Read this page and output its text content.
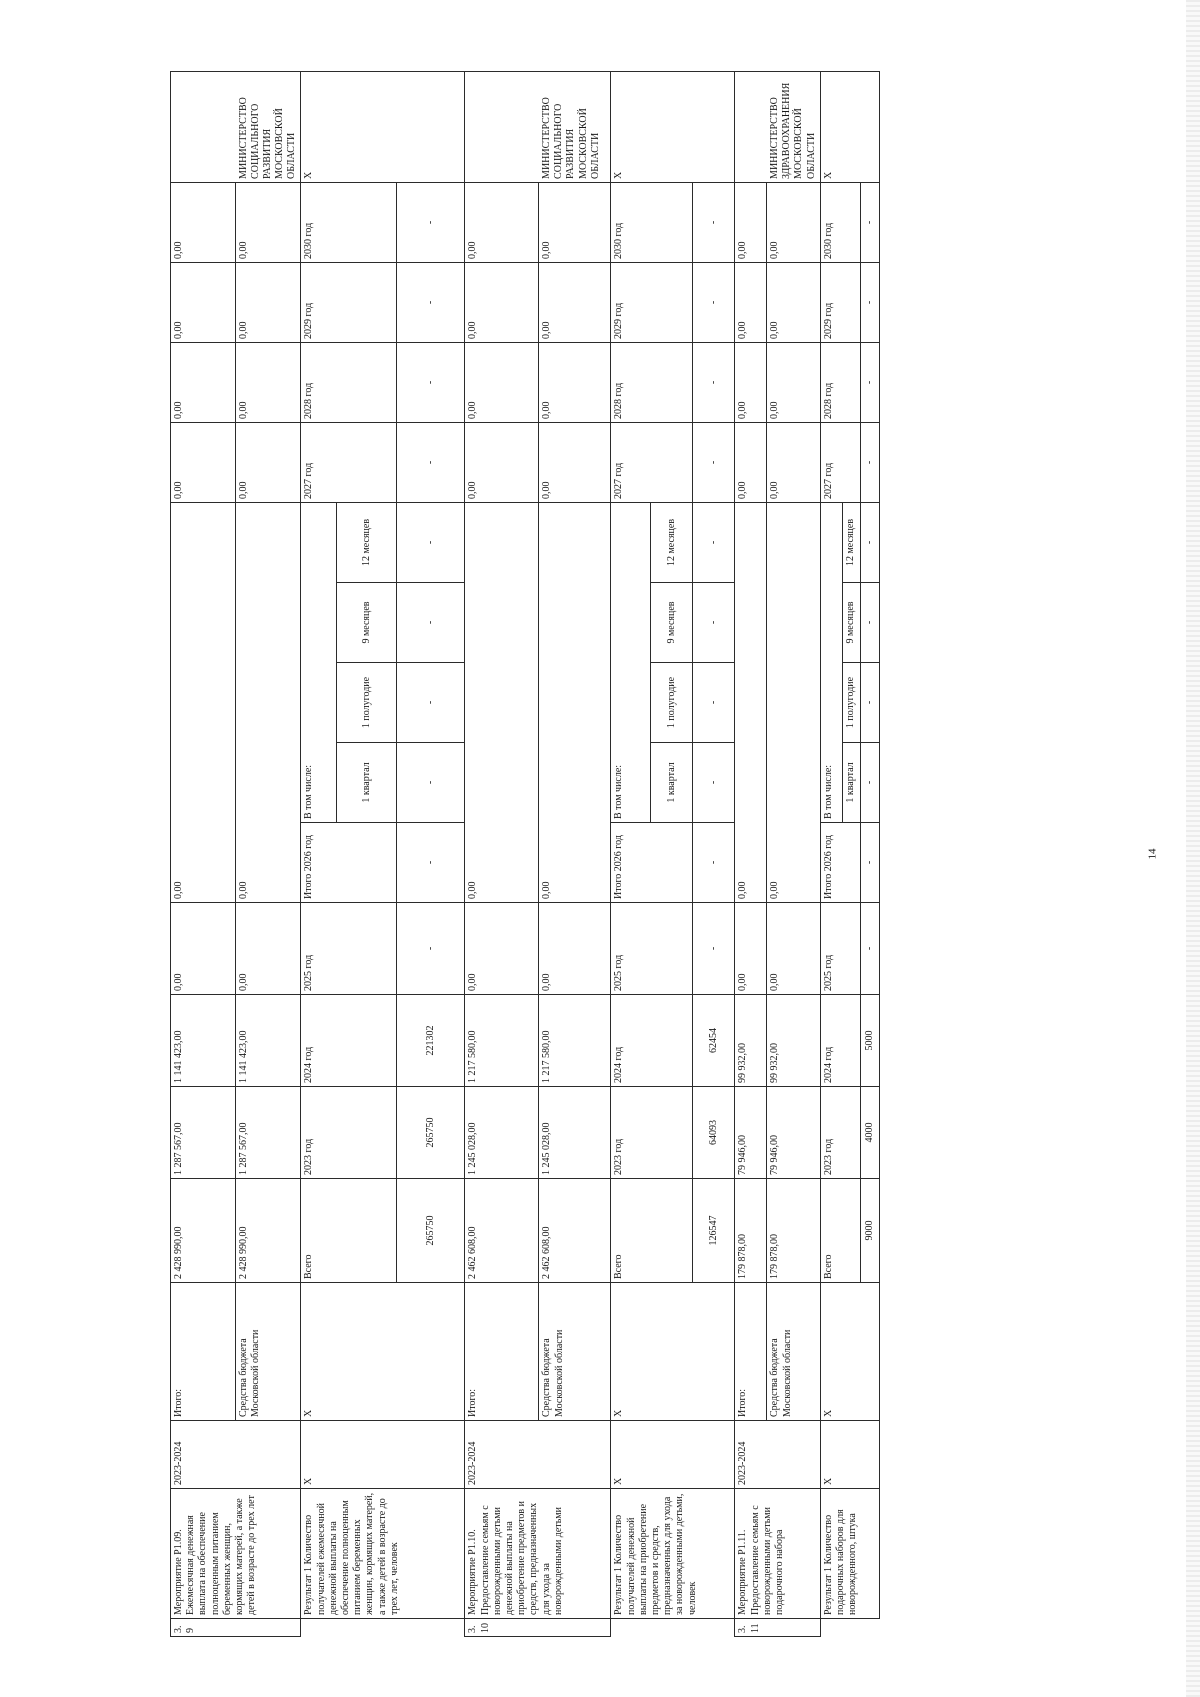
3.9	Мероприятие Р1.09. Ежемесячная денежная выплата на обеспечение полноценным питанием беременных женщин, кормящих матерей, а также детей в возрасте до трех лет	2023-2024	Итого:	2 428 990,00	1 287 567,00	1 141 423,00	0,00	0,00					0,00	0,00	0,00	0,00	
			Средства бюджета Московской области	2 428 990,00	1 287 567,00	1 141 423,00	0,00	0,00					0,00	0,00	0,00	0,00	МИНИСТЕРСТВО СОЦИАЛЬНОГО РАЗВИТИЯ МОСКОВСКОЙ ОБЛАСТИ
	Результат 1 Количество получателей ежемесячной денежной выплаты на обеспечение полноценным питанием беременных женщин, кормящих матерей, а также детей в возрасте до трех лет, человек	Х	Х	Всего	2023 год	2024 год	2025 год	Итого 2026 год	В том числе:				2027 год	2028 год	2029 год	2030 год	Х
									1 квартал	1 полугодие	9 месяцев	12 месяцев					
				265750	265750	221302	-	-	-	-	-	-	-	-	-	-	
3.10	Мероприятие Р1.10. Предоставление семьям с новорожденными детьми денежной выплаты на приобретение предметов и средств, предназначенных для ухода за новорожденными детьми	2023-2024	Итого:	2 462 608,00	1 245 028,00	1 217 580,00	0,00	0,00					0,00	0,00	0,00	0,00	
			Средства бюджета Московской области	2 462 608,00	1 245 028,00	1 217 580,00	0,00	0,00					0,00	0,00	0,00	0,00	МИНИСТЕРСТВО СОЦИАЛЬНОГО РАЗВИТИЯ МОСКОВСКОЙ ОБЛАСТИ
	Результат 1 Количество получателей денежной выплаты на приобретение предметов и средств, предназначенных для ухода за новорожденными детьми, человек	Х	Х	Всего	2023 год	2024 год	2025 год	Итого 2026 год	В том числе:				2027 год	2028 год	2029 год	2030 год	Х
									1 квартал	1 полугодие	9 месяцев	12 месяцев					
				126547	64093	62454	-	-	-	-	-	-	-	-	-	-	
3.11	Мероприятие Р1.11. Предоставление семьям с новорожденными детьми подарочного набора	2023-2024	Итого:	179 878,00	79 946,00	99 932,00	0,00	0,00					0,00	0,00	0,00	0,00	
			Средства бюджета Московской области	179 878,00	79 946,00	99 932,00	0,00	0,00					0,00	0,00	0,00	0,00	МИНИСТЕРСТВО ЗДРАВООХРАНЕНИЯ МОСКОВСКОЙ ОБЛАСТИ
	Результат 1 Количество подарочных наборов для новорожденного, штука	Х	Х	Всего	2023 год	2024 год	2025 год	Итого 2026 год	В том числе:				2027 год	2028 год	2029 год	2030 год	Х
									1 квартал	1 полугодие	9 месяцев	12 месяцев					
				9000	4000	5000	-	-	-	-	-	-	-	-	-	-	
14
